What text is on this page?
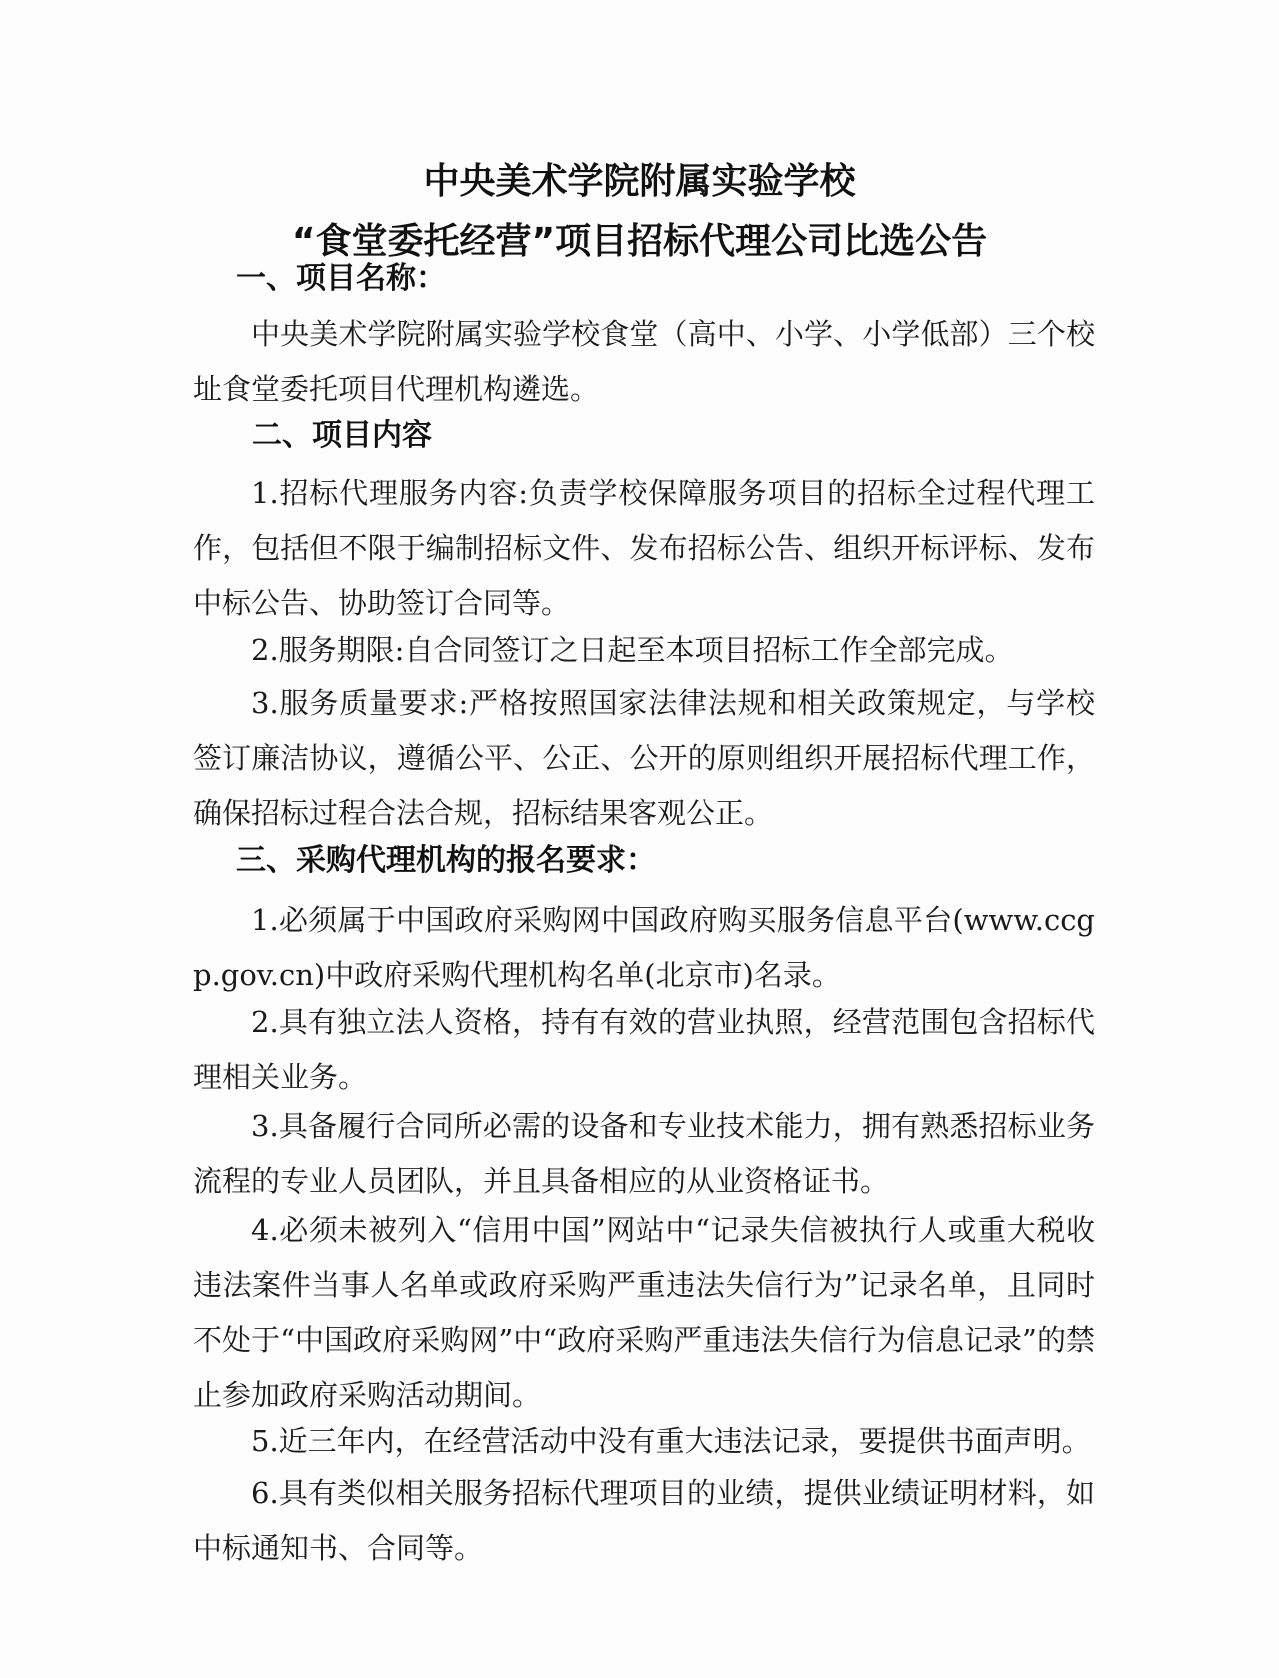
中央美术学院附属实验学校
“食堂委托经营”项目招标代理公司比选公告
一、项目名称：
中央美术学院附属实验学校食堂（高中、小学、小学低部）三个校址食堂委托项目代理机构遴选。
二、项目内容
1.招标代理服务内容:负责学校保障服务项目的招标全过程代理工作，包括但不限于编制招标文件、发布招标公告、组织开标评标、发布中标公告、协助签订合同等。
2.服务期限:自合同签订之日起至本项目招标工作全部完成。
3.服务质量要求:严格按照国家法律法规和相关政策规定，与学校签订廉洁协议，遵循公平、公正、公开的原则组织开展招标代理工作，确保招标过程合法合规，招标结果客观公正。
三、采购代理机构的报名要求：
1.必须属于中国政府采购网中国政府购买服务信息平台(www.ccgp.gov.cn)中政府采购代理机构名单(北京市)名录。
2.具有独立法人资格，持有有效的营业执照，经营范围包含招标代理相关业务。
3.具备履行合同所必需的设备和专业技术能力，拥有熟悉招标业务流程的专业人员团队，并且具备相应的从业资格证书。
4.必须未被列入“信用中国”网站中“记录失信被执行人或重大税收违法案件当事人名单或政府采购严重违法失信行为”记录名单，且同时不处于“中国政府采购网”中“政府采购严重违法失信行为信息记录”的禁止参加政府采购活动期间。
5.近三年内，在经营活动中没有重大违法记录，要提供书面声明。
6.具有类似相关服务招标代理项目的业绩，提供业绩证明材料，如中标通知书、合同等。
